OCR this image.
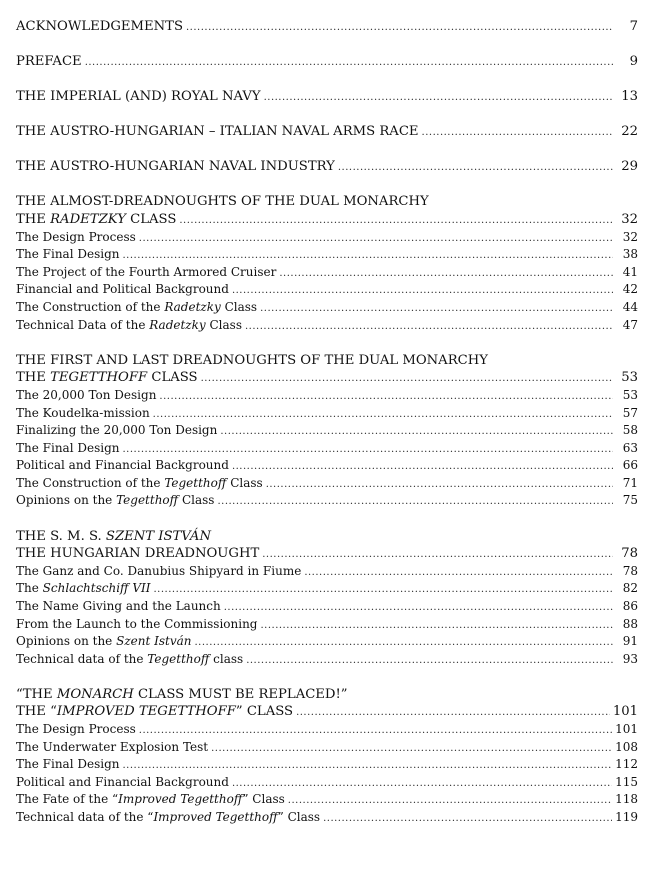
ACKNOWLEDGEMENTS .....	7
PREFACE .....	9
THE IMPERIAL (AND) ROYAL NAVY .....	13
THE AUSTRO-HUNGARIAN – ITALIAN NAVAL ARMS RACE .....	22
THE AUSTRO-HUNGARIAN NAVAL INDUSTRY .....	29
THE ALMOST-DREADNOUGHTS OF THE DUAL MONARCHY
THE RADETZKY CLASS .....	32
The Design Process .....	32
The Final Design .....	38
The Project of the Fourth Armored Cruiser .....	41
Financial and Political Background .....	42
The Construction of the Radetzky Class .....	44
Technical Data of the Radetzky Class .....	47
THE FIRST AND LAST DREADNOUGHTS OF THE DUAL MONARCHY
THE TEGETTHOFF CLASS .....	53
The 20,000 Ton Design .....	53
The Koudelka-mission .....	57
Finalizing the 20,000 Ton Design .....	58
The Final Design .....	63
Political and Financial Background .....	66
The Construction of the Tegetthoff Class .....	71
Opinions on the Tegetthoff Class .....	75
THE S. M. S. SZENT ISTVÁN
THE HUNGARIAN DREADNOUGHT .....	78
The Ganz and Co. Danubius Shipyard in Fiume .....	78
The Schlachtschiff VII .....	82
The Name Giving and the Launch .....	86
From the Launch to the Commissioning .....	88
Opinions on the Szent István .....	91
Technical data of the Tegetthoff class .....	93
“THE MONARCH CLASS MUST BE REPLACED!”
THE “IMPROVED TEGETTHOFF” CLASS .....	101
The Design Process .....	101
The Underwater Explosion Test .....	108
The Final Design .....	112
Political and Financial Background .....	115
The Fate of the “Improved Tegetthoff” Class .....	118
Technical data of the “Improved Tegetthoff” Class .....	119
